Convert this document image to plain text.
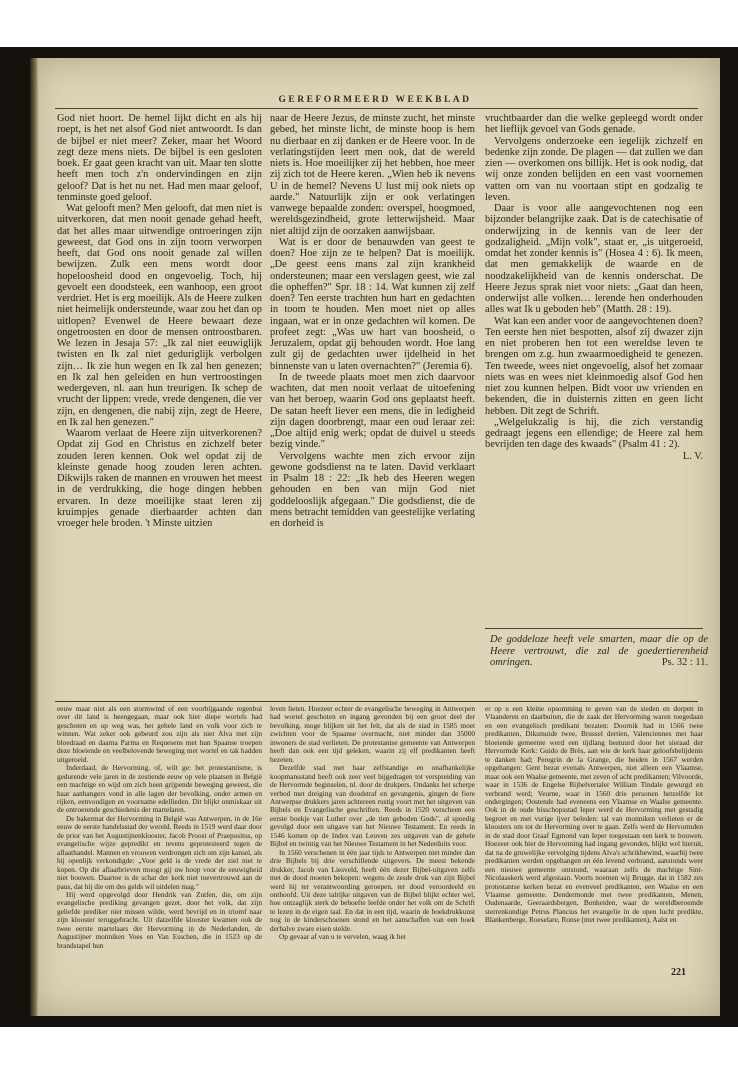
GEREFORMEERD WEEKBLAD

God niet hoort. De hemel lijkt dicht en als hij roept, is het net alsof God niet antwoordt. Is dan de bijbel er niet meer? Zeker, maar het Woord zegt deze mens niets. De bijbel is een gesloten boek. Er gaat geen kracht van uit. Maar ten slotte heeft men toch z'n ondervindingen en zijn geloof? Dat is het nu net. Had men maar geloof, tenminste goed geloof.

Wat gelooft men? Men gelooft, dat men niet is uitverkoren, dat men nooit genade gehad heeft, dat het alles maar uitwendige ontroeringen zijn geweest, dat God ons in zijn toorn verworpen heeft, dat God ons nooit genade zal willen bewijzen. Zulk een mens wordt door hopeloosheid dood en ongevoelig. Toch, hij gevoelt een doodsteek, een wanhoop, een groot verdriet. Het is erg moeilijk. Als de Heere zulken niet heimelijk ondersteunde, waar zou het dan op uitlopen? Evenwel de Heere bewaart deze ongetroosten en door de mensen ontroostbaren. We lezen in Jesaja 57: „Ik zal niet eeuwiglijk twisten en Ik zal niet geduriglijk verbolgen zijn… Ik zie hun wegen en Ik zal hen genezen; en Ik zal hen geleiden en hun vertroostingen wedergeven, nl. aan hun treurigen. Ik schep de vrucht der lippen: vrede, vrede dengenen, die ver zijn, en dengenen, die nabij zijn, zegt de Heere, en Ik zal hen genezen."

Waarom verlaat de Heere zijn uitverkorenen? Opdat zij God en Christus en zichzelf beter zouden leren kennen. Ook wel opdat zij de kleinste genade hoog zouden leren achten. Dikwijls raken de mannen en vrouwen het meest in de verdrukking, die hoge dingen hebben ervaren. In deze moeilijke staat leren zij kruimpjes genade dierbaarder achten dan vroeger hele broden. 't Minste uitzien

naar de Heere Jezus, de minste zucht, het minste gebed, het minste licht, de minste hoop is hem nu dierbaar en zij danken er de Heere voor. In de verlatingstijden leert men ook, dat de wereld niets is. Hoe moeilijker zij het hebben, hoe meer zij zich tot de Heere keren. „Wien heb ik nevens U in de hemel? Nevens U lust mij ook niets op aarde." Natuurlijk zijn er ook verlatingen vanwege bepaalde zonden: overspel, hoogmoed, wereldsgezindheid, grote letterwijsheid. Maar niet altijd zijn de oorzaken aanwijsbaar.

Wat is er door de benauwden van geest te doen? Hoe zijn ze te helpen? Dat is moeilijk. „De geest eens mans zal zijn krankheid ondersteunen; maar een verslagen geest, wie zal die opheffen?" Spr. 18 : 14. Wat kunnen zij zelf doen? Ten eerste trachten hun hart en gedachten in toom te houden. Men moet niet op alles ingaan, wat er in onze gedachten wil komen. De profeet zegt: „Was uw hart van boosheid, o Jeruzalem, opdat gij behouden wordt. Hoe lang zult gij de gedachten uwer ijdelheid in het binnenste van u laten overnachten?" (Jeremia 6).

In de tweede plaats moet men zich daarvoor wachten, dat men nooit verlaat de uitoefening van het beroep, waarin God ons geplaatst heeft. De satan heeft liever een mens, die in ledigheid zijn dagen doorbrengt, maar een oud leraar zei: „Doe altijd enig werk; opdat de duivel u steeds bezig vinde."

Vervolgens wachte men zich ervoor zijn gewone godsdienst na te laten. David verklaart in Psalm 18 : 22: „Ik heb des Heeren wegen gehouden en ben van mijn God niet goddelooslijk afgegaan." Die godsdienst, die de mens betracht temidden van geestelijke verlating en dorheid is

vruchtbaarder dan die welke gepleegd wordt onder het lieflijk gevoel van Gods genade.

Vervolgens onderzoeke een iegelijk zichzelf en bedenke zijn zonde. De plagen — dat zullen we dan zien — overkomen ons billijk. Het is ook nodig, dat wij onze zonden belijden en een vast voornemen vatten om van nu voortaan stipt en godzalig te leven.

Daar is voor alle aangevochtenen nog een bijzonder belangrijke zaak. Dat is de catechisatie of onderwijzing in de kennis van de leer der godzaligheid. „Mijn volk", staat er, „is uitgeroeid, omdat het zonder kennis is" (Hosea 4 : 6). Ik meen, dat men gemakkelijk de waarde en de noodzakelijkheid van de kennis onderschat. De Heere Jezus sprak niet voor niets: „Gaat dan heen, onderwijst alle volken… lerende hen onderhouden alles wat Ik u geboden heb" (Matth. 28 : 19).

Wat kan een ander voor de aangevochtenen doen? Ten eerste hen niet bespotten, alsof zij dwazer zijn en niet proberen hen tot een wereldse leven te brengen om z.g. hun zwaarmoedigheid te genezen. Ten tweede, wees niet ongevoelig, alsof het zomaar niets was en wees niet kleinmoedig alsof God hen niet zou kunnen helpen. Bidt voor uw vrienden en bekenden, die in duisternis zitten en geen licht hebben. Dit zegt de Schrift.

„Welgelukzalig is hij, die zich verstandig gedraagt jegens een ellendige; de Heere zal hem bevrijden ten dage des kwaads" (Psalm 41 : 2).

L. V.

De goddeloze heeft vele smarten, maar die op de Heere vertrouwt, die zal de goedertierenheid omringen.	Ps. 32 : 11.

eeuw maar niet als een stormwind of een voorbijgaande regenbui over dit land is heengegaan, maar ook hier diepe wortels had geschoten en op weg was, het gehele land en volk voor zich te winnen. Wat zeker ook gebeurd zou zijn als niet Alva met zijn bloedraad en daarna Parma en Requesens met hun Spaanse troepen deze bloeiende en veelbelovende beweging met wortel en tak hadden uitgeroeid.

Inderdaad, de Hervorming, of, wilt ge: het protestantisme, is gedurende vele jaren in de zestiende eeuw op vele plaatsen in België een machtige en wijd om zich heen grijpende beweging geweest, die haar aanhangers vond in alle lagen der bevolking, onder armen en rijken, eenvoudigen en voorname edellieden. Dit blijkt onmiskaar uit de ontroerende geschiedenis der martelaren.

De bakermat der Hervorming in België was Antwerpen, in de 16e eeuw de eerste handelsstad der wereld. Reeds in 1519 werd daar door de prior van het Augustijnenklooster, Jacob Proost of Praepositus, op evangelische wijze gepredikt en tevens geprotesteerd tegen de aflaathandel. Mannen en vrouwen verdrongen zich om zijn kansel, als hij openlijk verkondigde: „Voor geld is de vrede der ziel niet te kopen. Op die aflaatbrieven moogt gij uw hoop voor de eeuwigheid niet bouwen. Daartoe is de schat der kerk niet toevertrouwd aan de paus, dat hij die om des gelds wil uitdelen mag."

Hij werd opgevolgd door Hendrik van Zutfen, die, om zijn evangelische prediking gevangen gezet, door het volk, dat zijn geliefde prediker niet missen wilde, werd bevrijd en in triomf naar zijn klooster teruggebracht. Uit datzelfde klooster kwamen ook de twee eerste martelaars der Hervorming in de Nederlanden, de Augustijner monniken Voes en Van Esschen, die in 1523 op de brandstapel hun

leven lieten. Hoezeer echter de evangelische beweging in Antwerpen had wortel geschoten en ingang gevonden bij een groot deel der bevolking, moge blijken uit het feit, dat als de stad in 1585 moet zwichten voor de Spaanse overmacht, niet minder dan 35000 inwoners de stad verlieten. De protestantse gemeente van Antwerpen heeft dan ook een tijd geleken, waarin zij elf predikanten heeft bezeten.

Dezelfde stad met haar zelfstandige en onafhankelijke koopmansstand heeft ook zeer veel bijgedragen tot verspreiding van de Hervormde beginselen, nl. door de drukpers. Ondanks het scherpe verbod met dreiging van doodstraf en gevangenis, gingen de fiere Antwerpse drukkers jaren achtereen rustig voort met het uitgeven van Bijbels en Evangelische geschriften. Reeds in 1520 verscheen een eerste boekje van Luther over „de tien geboden Gods", al spoedig gevolgd door een uitgave van het Nieuwe Testament. En reeds in 1546 komen op de Index van Leuven zes uitgaven van de gehele Bijbel en twintig van het Nieuwe Testament in het Nederduits voor.

In 1560 verschenen in één jaar tijds te Antwerpen niet minder dan drie Bijbels bij drie verschillende uitgevers. De meest bekende drukker, Jacob van Liesveld, heeft één dezer Bijbel-uitgaven zelfs met de dood moeten bekopen: wegens de zesde druk van zijn Bijbel werd hij ter verantwoording geroepen, ter dood veroordeeld en onthoofd. Uit deze talrijke uitgaven van de Bijbel blijkt echter wel, hoe ontzaglijk sterk de behoefte leefde onder het volk om de Schrift te lezen in de eigen taal. En dat in een tijd, waarin de boekdrukkunst nog in de kinderschoenen stond en het aanschaffen van een boek derhalve zware eisen stelde.

Op gevaar af van u te vervelen, waag ik het

er op u een kleine opsomming te geven van de steden en dorpen in Vlaanderen en daarbuiten, die de zaak der Hervorming waren toegedaan en een evangelisch predikant bezaten: Doornik had in 1566 twee predikanten, Diksmuide twee, Brussel dertien, Valenciennes met haar bloeiende gemeente werd een tijdlang bestuurd door het sieraad der Hervormde Kerk: Guido de Brès, aan wie de kerk haar geloofsbelijdenis te danken had; Peregrin de la Grange, die beiden in 1567 werden opgehangen: Gent bezat evenals Antwerpen, niet alleen een Vlaamse, maar ook een Waalse gemeente, met zeven of acht predikanten; Vilvoorde, waar in 1536 de Engelse Bijbelvertaler William Tindale gewurgd en verbrand werd; Veurne, waar in 1560 drie personen hetzelfde lot ondergingen; Oostende had eveneens een Vlaamse en Waalse gemeente. Ook in de oude bisschopsstad Ieper werd de Hervorming met gestadig begroet en met vurige ijver beleden: tal van monniken verlieten er de kloosters om tot de Hervorming over te gaan. Zelfs werd de Hervormden in de stad door Graaf Egmond van Ieper toegestaan een kerk te bouwen. Hoezeer ook hier de Hervorming had ingang gevonden, blijkt wel hieruit, dat na de gruwelijke vervolging tijdens Alva's schrikbewind, waarbij twee predikanten werden opgehangen en één levend verbrand, aanstonds weer een nieuwe gemeente ontstond, waaraan zelfs de machtige Sint-Nicolaaskerk werd afgestaan. Voorts noemen wij Brugge, dat in 1582 zes protestantse kerken bezat en evenveel predikanten, een Waalse en een Vlaamse gemeente. Dendermonde met twee predikanten, Menen, Oudenaarde, Geeraardsbergen, Bonheiden, waar de wereldberoemde sterrenkundige Petrus Plancius het evangelie in de open lucht predikte, Blankenberge, Roeselare, Ronse (met twee predikanten), Aalst en

221
